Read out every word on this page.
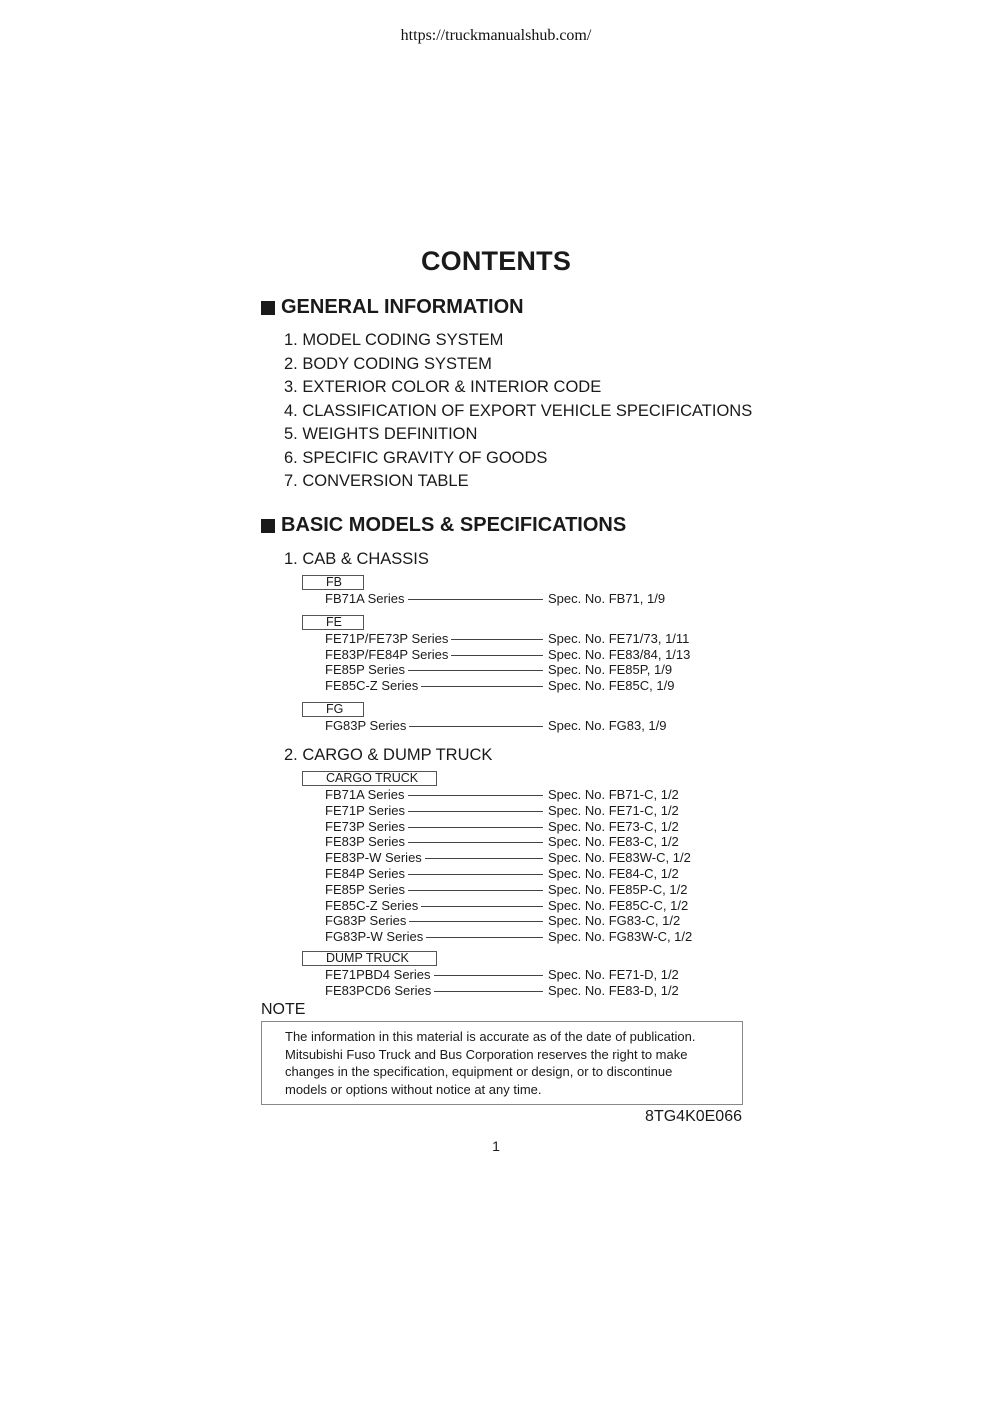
https://truckmanualshub.com/
CONTENTS
GENERAL INFORMATION
1. MODEL CODING SYSTEM
2. BODY CODING SYSTEM
3. EXTERIOR COLOR & INTERIOR CODE
4. CLASSIFICATION OF EXPORT VEHICLE SPECIFICATIONS
5. WEIGHTS DEFINITION
6. SPECIFIC GRAVITY OF GOODS
7. CONVERSION TABLE
BASIC MODELS & SPECIFICATIONS
1. CAB & CHASSIS
FB
FB71A Series	Spec. No. FB71, 1/9
FE
FE71P/FE73P Series	Spec. No. FE71/73, 1/11
FE83P/FE84P Series	Spec. No. FE83/84, 1/13
FE85P Series	Spec. No. FE85P, 1/9
FE85C-Z Series	Spec. No. FE85C, 1/9
FG
FG83P Series	Spec. No. FG83, 1/9
2. CARGO & DUMP TRUCK
CARGO TRUCK
FB71A Series	Spec. No. FB71-C, 1/2
FE71P Series	Spec. No. FE71-C, 1/2
FE73P Series	Spec. No. FE73-C, 1/2
FE83P Series	Spec. No. FE83-C, 1/2
FE83P-W Series	Spec. No. FE83W-C, 1/2
FE84P Series	Spec. No. FE84-C, 1/2
FE85P Series	Spec. No. FE85P-C, 1/2
FE85C-Z Series	Spec. No. FE85C-C, 1/2
FG83P Series	Spec. No. FG83-C, 1/2
FG83P-W Series	Spec. No. FG83W-C, 1/2
DUMP TRUCK
FE71PBD4 Series	Spec. No. FE71-D, 1/2
FE83PCD6 Series	Spec. No. FE83-D, 1/2
NOTE
The information in this material is accurate as of the date of publication.
Mitsubishi Fuso Truck and Bus Corporation reserves the right to make
changes in the specification, equipment or design, or to discontinue
models or options without notice at any time.
8TG4K0E066
1
